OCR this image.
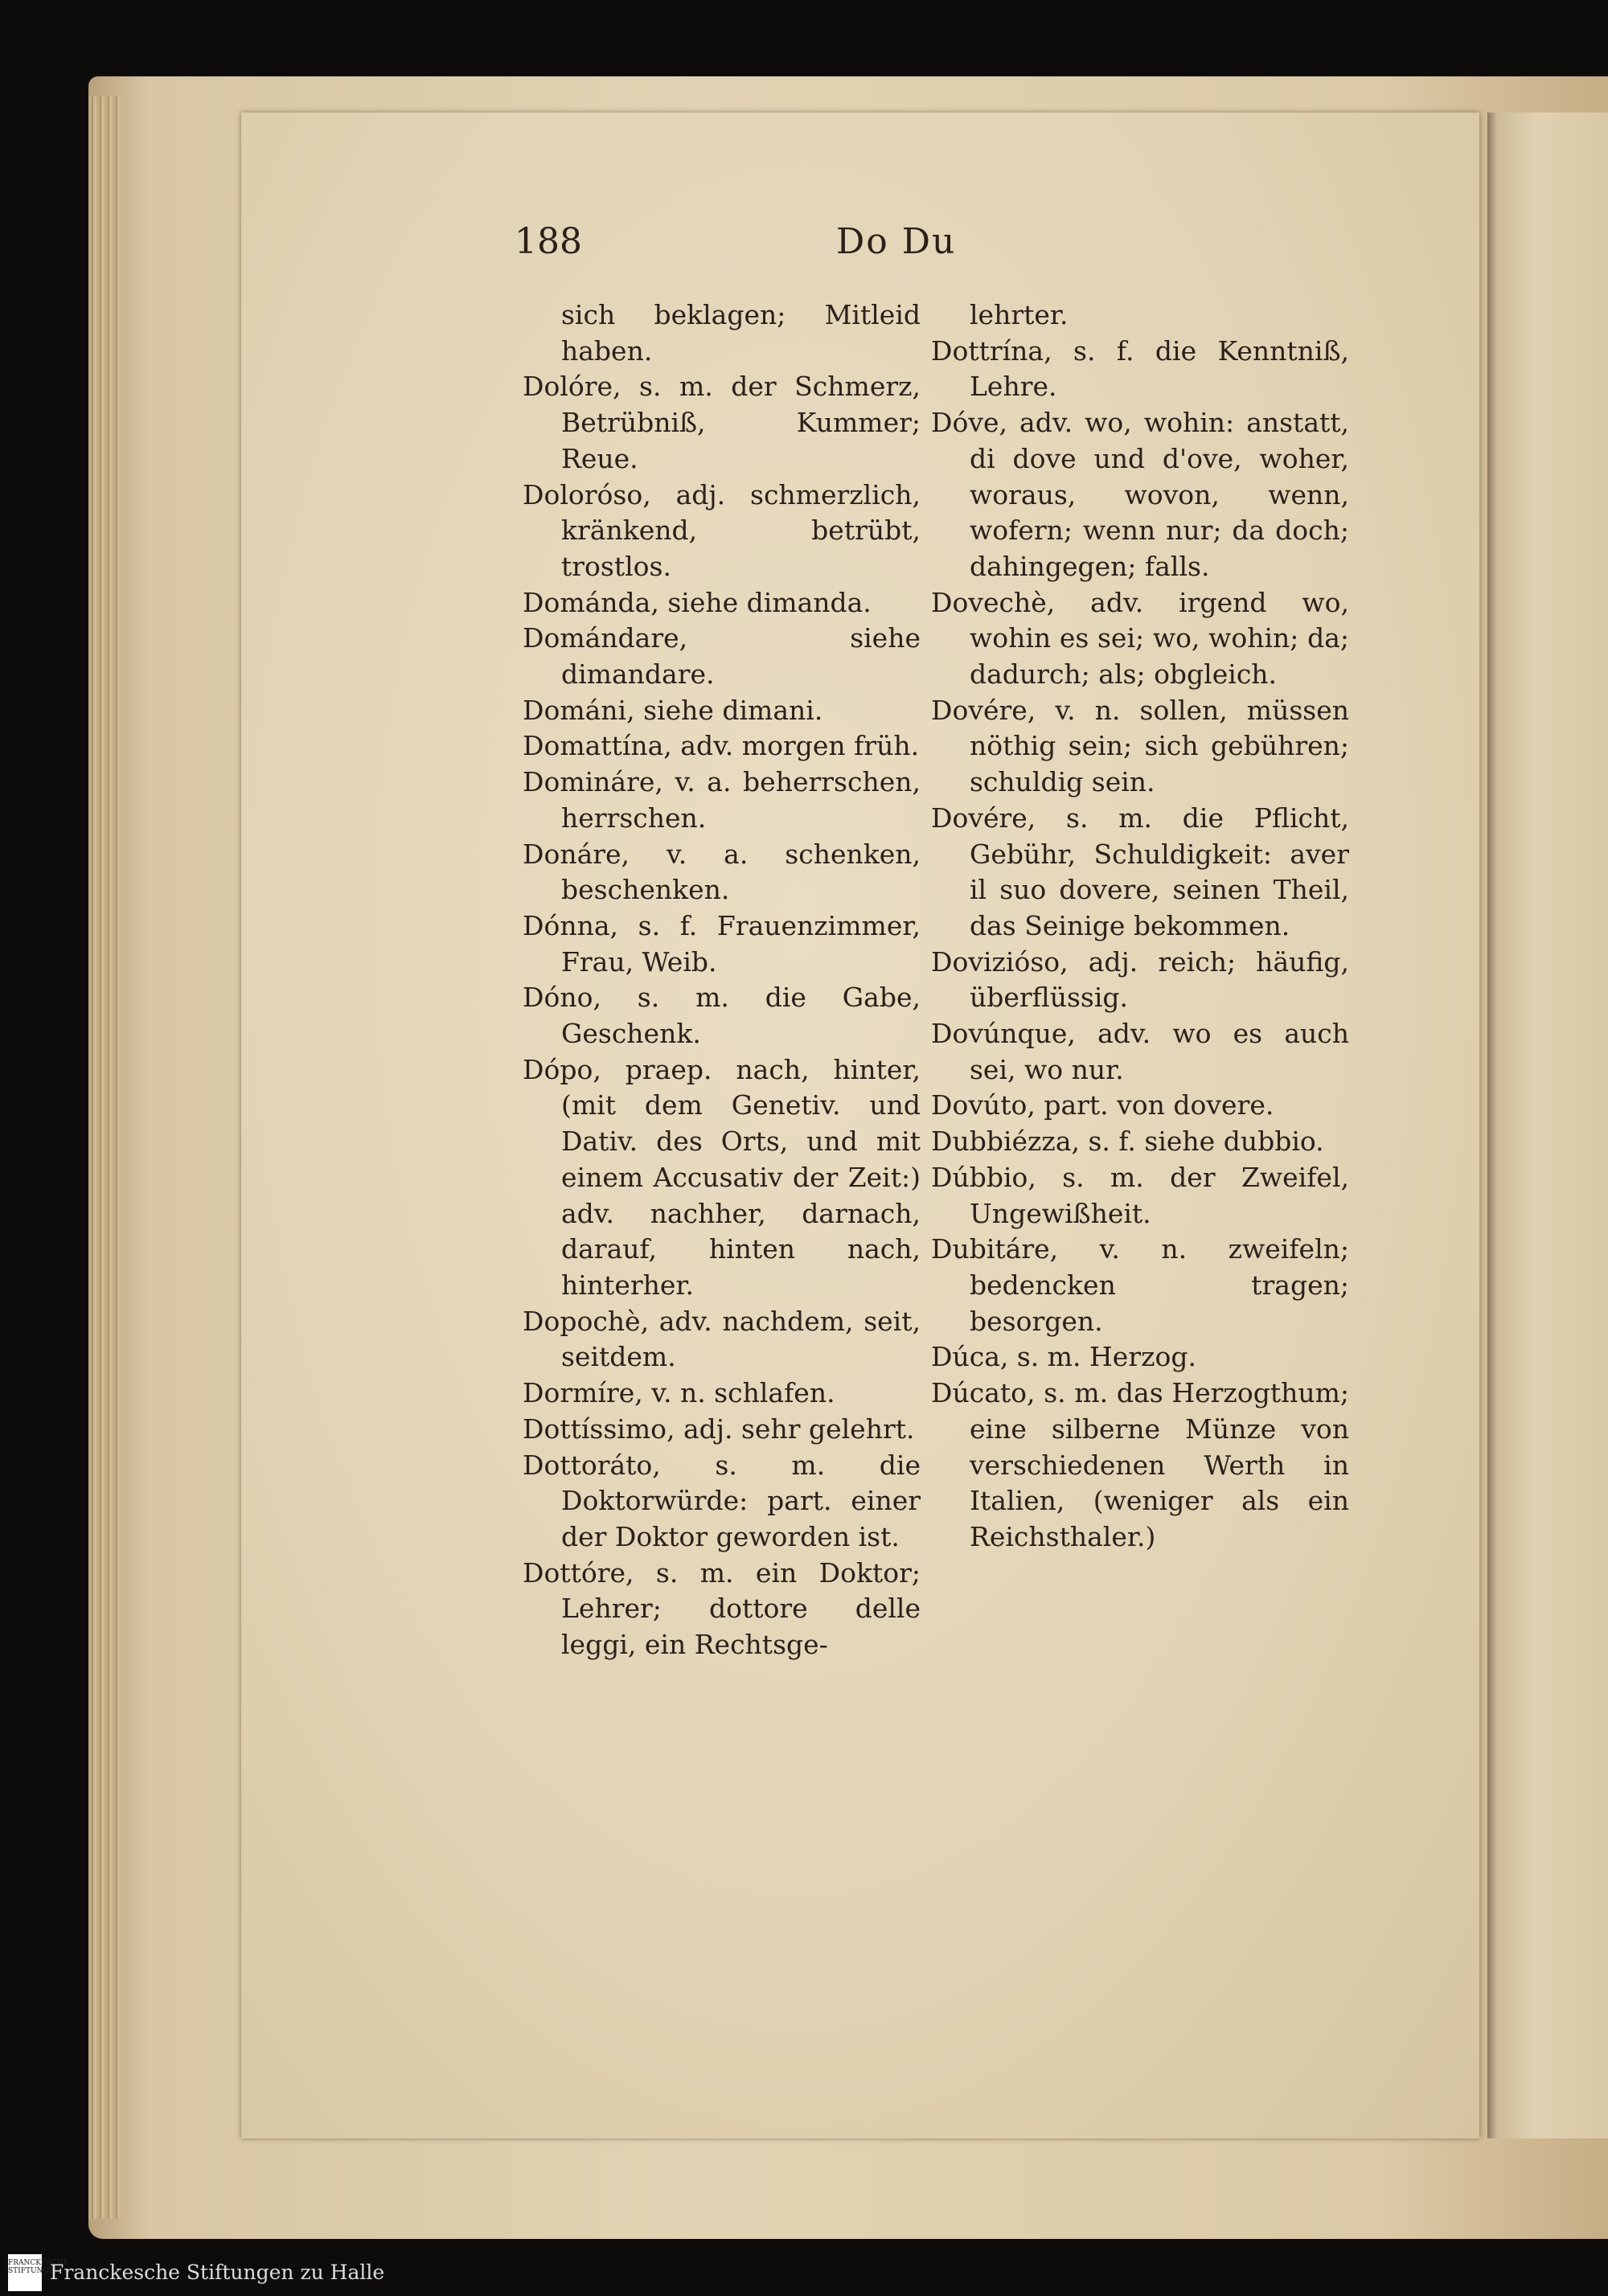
188	Do Du
sich beklagen; Mitleid haben.
Dolóre, s. m. der Schmerz, Betrübniß, Kummer; Reue.
Doloróso, adj. schmerzlich, kränkend, betrübt, trostlos.
Dománda, siehe dimanda.
Domándare, siehe dimandare.
Dománi, siehe dimani.
Domattína, adv. morgen früh.
Domináre, v. a. beherrschen, herrschen.
Donáre, v. a. schenken, beschenken.
Dónna, s. f. Frauenzimmer, Frau, Weib.
Dóno, s. m. die Gabe, Geschenk.
Dópo, praep. nach, hinter, (mit dem Genetiv. und Dativ. des Orts, und mit einem Accusativ der Zeit:) adv. nachher, darnach, darauf, hinten nach, hinterher.
Dopochè, adv. nachdem, seit, seitdem.
Dormíre, v. n. schlafen.
Dottíssimo, adj. sehr gelehrt.
Dottoráto, s. m. die Doktorwürde: part. einer der Doktor geworden ist.
Dottóre, s. m. ein Doktor; Lehrer; dottore delle leggi, ein Rechtsge-
lehrter.
Dottrína, s. f. die Kenntniß, Lehre.
Dóve, adv. wo, wohin: anstatt, di dove und d'ove, woher, woraus, wovon, wenn, wofern; wenn nur; da doch; dahingegen; falls.
Dovechè, adv. irgend wo, wohin es sei; wo, wohin; da; dadurch; als; obgleich.
Dovére, v. n. sollen, müssen nöthig sein; sich gebühren; schuldig sein.
Dovére, s. m. die Pflicht, Gebühr, Schuldigkeit: aver il suo dovere, seinen Theil, das Seinige bekommen.
Dovizióso, adj. reich; häufig, überflüssig.
Dovúnque, adv. wo es auch sei, wo nur.
Dovúto, part. von dovere.
Dubbiézza, s. f. siehe dubbio.
Dúbbio, s. m. der Zweifel, Ungewißheit.
Dubitáre, v. n. zweifeln; bedencken tragen; besorgen.
Dúca, s. m. Herzog.
Dúcato, s. m. das Herzogthum; eine silberne Münze von verschiedenen Werth in Italien, (weniger als ein Reichsthaler.)
FRANCKESCHE STIFTUNGEN
Franckesche Stiftungen zu Halle
